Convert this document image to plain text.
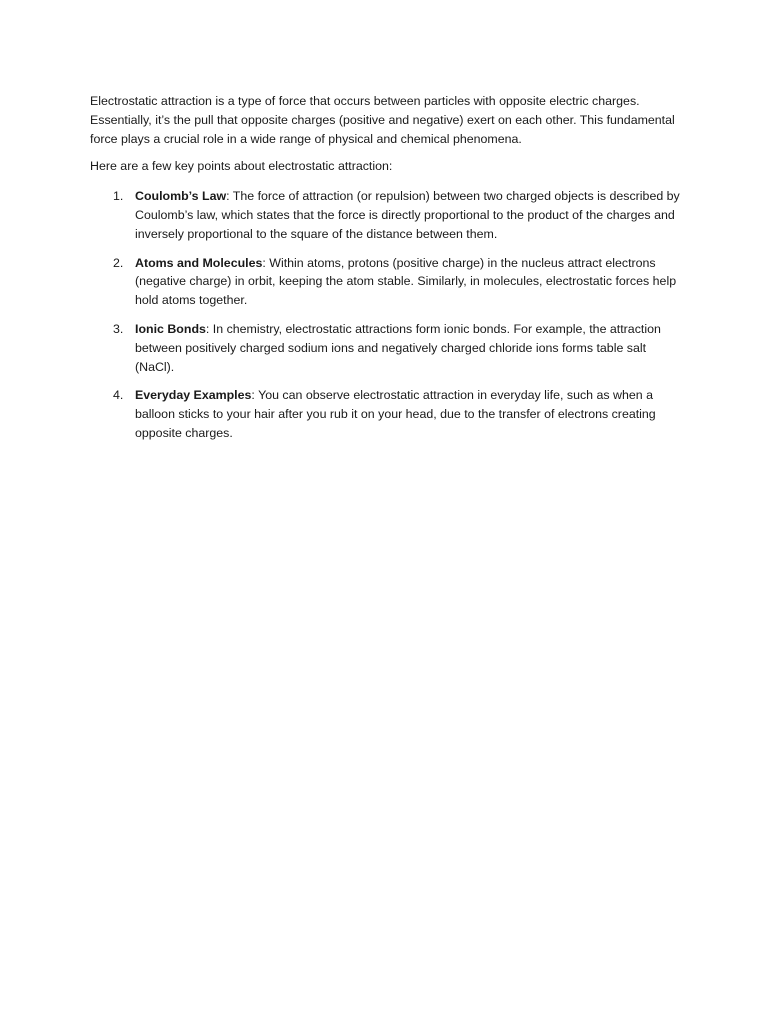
Electrostatic attraction is a type of force that occurs between particles with opposite electric charges. Essentially, it’s the pull that opposite charges (positive and negative) exert on each other. This fundamental force plays a crucial role in a wide range of physical and chemical phenomena.

Here are a few key points about electrostatic attraction:

1. Coulomb’s Law: The force of attraction (or repulsion) between two charged objects is described by Coulomb’s law, which states that the force is directly proportional to the product of the charges and inversely proportional to the square of the distance between them.
2. Atoms and Molecules: Within atoms, protons (positive charge) in the nucleus attract electrons (negative charge) in orbit, keeping the atom stable. Similarly, in molecules, electrostatic forces help hold atoms together.
3. Ionic Bonds: In chemistry, electrostatic attractions form ionic bonds. For example, the attraction between positively charged sodium ions and negatively charged chloride ions forms table salt (NaCl).
4. Everyday Examples: You can observe electrostatic attraction in everyday life, such as when a balloon sticks to your hair after you rub it on your head, due to the transfer of electrons creating opposite charges.
